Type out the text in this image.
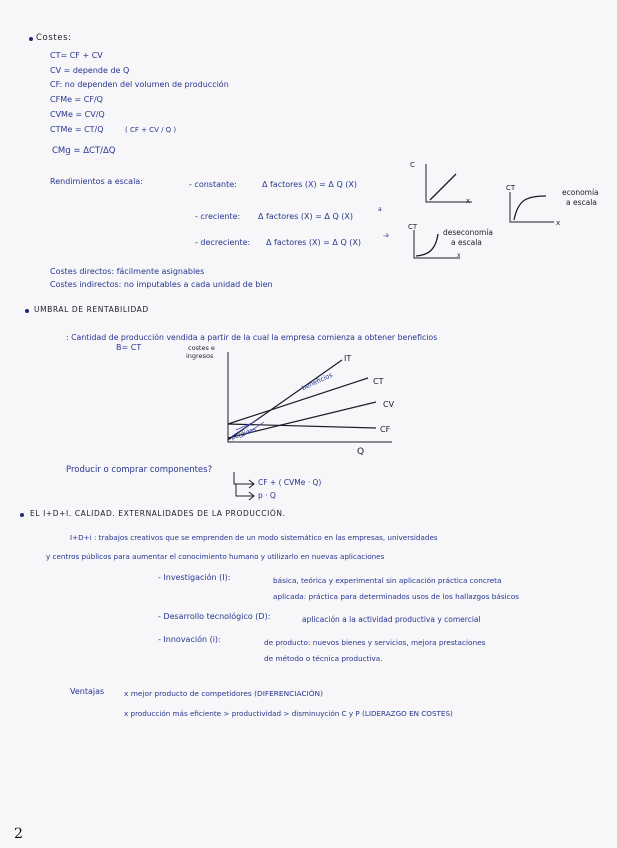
Costes:
CT= CF + CV
CV = depende de Q
CF: no dependen del volumen de producción
CFMe = CF/Q
CVMe = CV/Q
CTMe = CT/Q	( CF + CV / Q )
CMg = ΔCT/ΔQ
Rendimientos a escala:	- constante:	Δ factores (X) = Δ Q (X)
- creciente: Δ factores (X) = Δ Q (X)
a
- decreciente: Δ factores (X) = Δ Q (X)
-a
C
x
CT
x
economía
a escala
CT
x
deseconomía
a escala
Costes directos: fácilmente asignables
Costes indirectos: no imputables a cada unidad de bien
UMBRAL DE RENTABILIDAD
: Cantidad de producción vendida a partir de la cual la empresa comienza a obtener beneficios
B= CT	costes e
ingresos	IT
CT
CV
CF
beneficios
pérdidas
Q
Producir o comprar componentes?
CF + ( CVMe · Q)
p · Q
EL I+D+I. CALIDAD. EXTERNALIDADES DE LA PRODUCCIÓN.
I+D+i : trabajos creativos que se emprenden de un modo sistemático en las empresas, universidades
y centros públicos para aumentar el conocimiento humano y utilizarlo en nuevas aplicaciones
- Investigación (I):	básica, teórica y experimental sin aplicación práctica concreta
aplicada: práctica para determinados usos de los hallazgos básicos
- Desarrollo tecnológico (D):	aplicación a la actividad productiva y comercial
- Innovación (i):	de producto: nuevos bienes y servicios, mejora prestaciones
de método o técnica productiva.
Ventajas	x mejor producto de competidores (DIFERENCIACIÓN)
x producción más eficiente > productividad > disminuyción C y P (LIDERAZGO EN COSTES)
2
